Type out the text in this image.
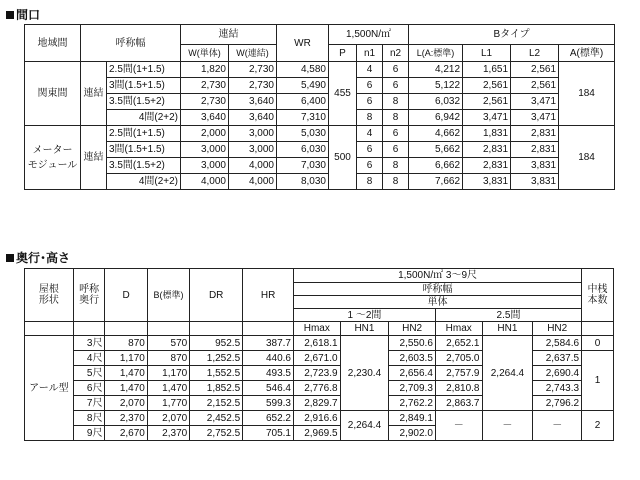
間口
地域間	呼称幅		連結		WR	1,500N/㎡			Bタイプ			
			W(単体)	W(連結)		P	n1	n2	L(A:標準)	L1	L2	A(標準)
関東間	連結	2.5間(1+1.5)	1,820	2,730	4,580	455	4	6	4,212	1,651	2,561	184
		3間(1.5+1.5)	2,730	2,730	5,490		6	6	5,122	2,561	2,561	
		3.5間(1.5+2)	2,730	3,640	6,400		6	8	6,032	2,561	3,471	
		4間(2+2)	3,640	3,640	7,310		8	8	6,942	3,471	3,471	
メーター
モジュール	連結	2.5間(1+1.5)	2,000	3,000	5,030	500	4	6	4,662	1,831	2,831	184
		3間(1.5+1.5)	3,000	3,000	6,030		6	6	5,662	2,831	2,831	
		3.5間(1.5+2)	3,000	4,000	7,030		6	8	6,662	2,831	3,831	
		4間(2+2)	4,000	4,000	8,030		8	8	7,662	3,831	3,831	
奥行･高さ
屋根
形状	呼称
奥行	D	B(標準)	DR	HR	1,500N/㎡ 3～9尺						中桟
本数
						呼称幅						
						単体						
						1 ～2間			2.5間			
						Hmax	HN1	HN2	Hmax	HN1	HN2	
アール型	3尺	870	570	952.5	387.7	2,618.1	2,230.4	2,550.6	2,652.1	2,264.4	2,584.6	0
	4尺	1,170	870	1,252.5	440.6	2,671.0		2,603.5	2,705.0		2,637.5	1
	5尺	1,470	1,170	1,552.5	493.5	2,723.9		2,656.4	2,757.9		2,690.4	
	6尺	1,470	1,470	1,852.5	546.4	2,776.8		2,709.3	2,810.8		2,743.3	
	7尺	2,070	1,770	2,152.5	599.3	2,829.7		2,762.2	2,863.7		2,796.2	
	8尺	2,370	2,070	2,452.5	652.2	2,916.6	2,264.4	2,849.1	－	－	－	2
	9尺	2,670	2,370	2,752.5	705.1	2,969.5		2,902.0				
